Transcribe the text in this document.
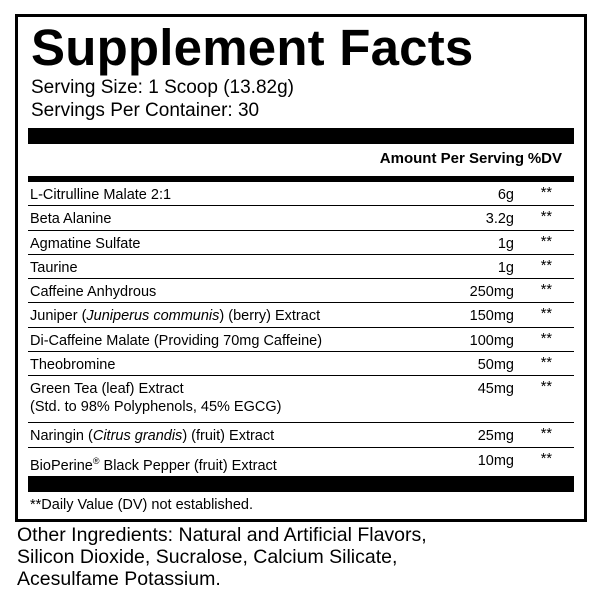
Supplement Facts
Serving Size: 1 Scoop (13.82g)
Servings Per Container: 30
Amount Per Serving %DV
L-Citrulline Malate 2:1	6g **
Beta Alanine	3.2g **
Agmatine Sulfate	1g **
Taurine	1g **
Caffeine Anhydrous	250mg **
Juniper (Juniperus communis) (berry) Extract	150mg **
Di-Caffeine Malate (Providing 70mg Caffeine)	100mg **
Theobromine	50mg **
Green Tea (leaf) Extract
(Std. to 98% Polyphenols, 45% EGCG)
45mg **
Naringin (Citrus grandis) (fruit) Extract	25mg **
BioPerine® Black Pepper (fruit) Extract	10mg **
**Daily Value (DV) not established.
Other Ingredients: Natural and Artificial Flavors,
Silicon Dioxide, Sucralose, Calcium Silicate,
Acesulfame Potassium.
